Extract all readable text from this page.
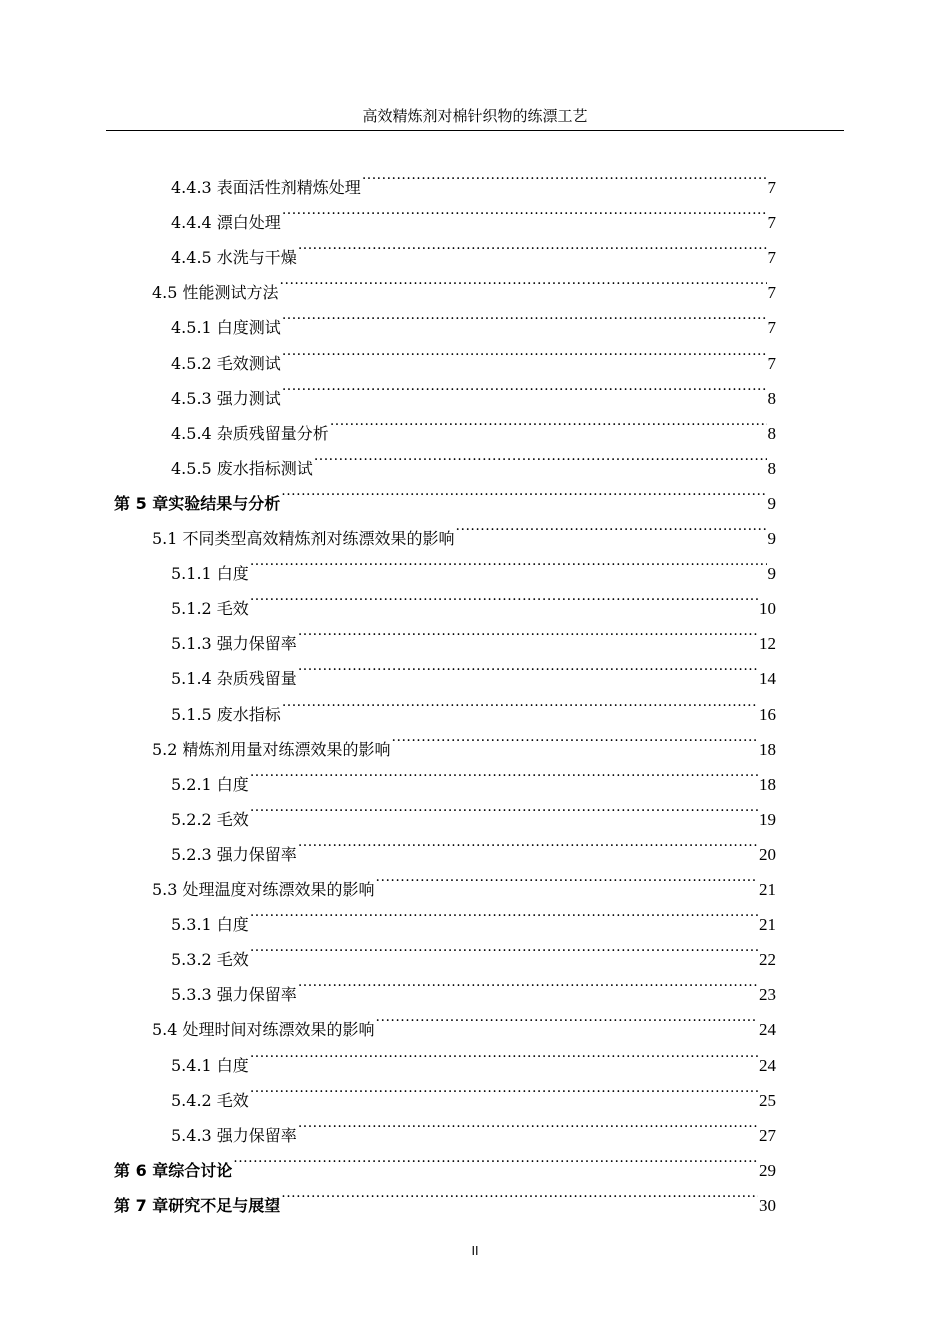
高效精炼剂对棉针织物的练漂工艺
4.4.3 表面活性剂精炼处理 .....	7
4.4.4 漂白处理 .....	7
4.4.5 水洗与干燥 .....	7
4.5 性能测试方法 .....	7
4.5.1 白度测试 .....	7
4.5.2 毛效测试 .....	7
4.5.3 强力测试 .....	8
4.5.4 杂质残留量分析 .....	8
4.5.5 废水指标测试 .....	8
第 5 章实验结果与分析 .....	9
5.1 不同类型高效精炼剂对练漂效果的影响 .....	9
5.1.1 白度 .....	9
5.1.2 毛效 .....	10
5.1.3 强力保留率 .....	12
5.1.4 杂质残留量 .....	14
5.1.5 废水指标 .....	16
5.2 精炼剂用量对练漂效果的影响 .....	18
5.2.1 白度 .....	18
5.2.2 毛效 .....	19
5.2.3 强力保留率 .....	20
5.3 处理温度对练漂效果的影响 .....	21
5.3.1 白度 .....	21
5.3.2 毛效 .....	22
5.3.3 强力保留率 .....	23
5.4 处理时间对练漂效果的影响 .....	24
5.4.1 白度 .....	24
5.4.2 毛效 .....	25
5.4.3 强力保留率 .....	27
第 6 章综合讨论 .....	29
第 7 章研究不足与展望 .....	30
II
